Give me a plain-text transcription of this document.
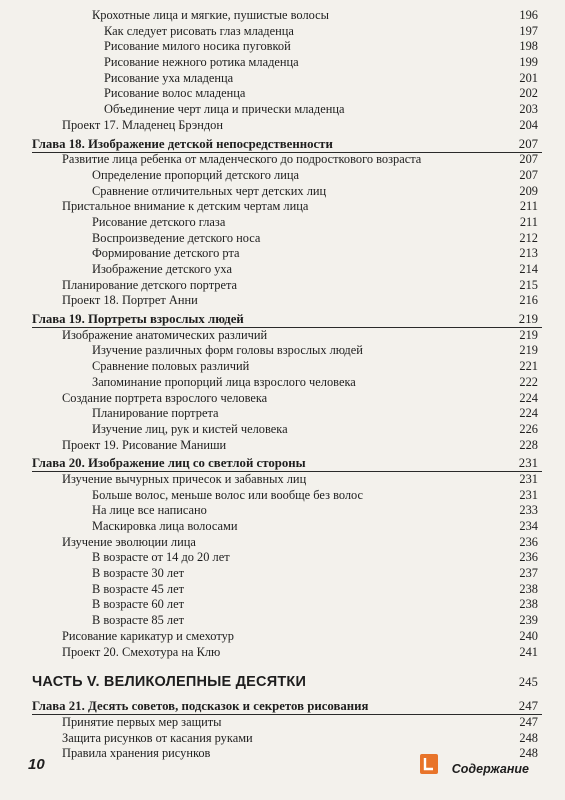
Крохотные лица и мягкие, пушистые волосы	196
Как следует рисовать глаз младенца	197
Рисование милого носика пуговкой	198
Рисование нежного ротика младенца	199
Рисование уха младенца	201
Рисование волос младенца	202
Объединение черт лица и прически младенца	203
Проект 17. Младенец Брэндон	204
Глава 18. Изображение детской непосредственности	207
Развитие лица ребенка от младенческого до подросткового возраста	207
Определение пропорций детского лица	207
Сравнение отличительных черт детских лиц	209
Пристальное внимание к детским чертам лица	211
Рисование детского глаза	211
Воспроизведение детского носа	212
Формирование детского рта	213
Изображение детского уха	214
Планирование детского портрета	215
Проект 18. Портрет Анни	216
Глава 19. Портреты взрослых людей	219
Изображение анатомических различий	219
Изучение различных форм головы взрослых людей	219
Сравнение половых различий	221
Запоминание пропорций лица взрослого человека	222
Создание портрета взрослого человека	224
Планирование портрета	224
Изучение лиц, рук и кистей человека	226
Проект 19. Рисование Маниши	228
Глава 20. Изображение лиц со светлой стороны	231
Изучение вычурных причесок и забавных лиц	231
Больше волос, меньше волос или вообще без волос	231
На лице все написано	233
Маскировка лица волосами	234
Изучение эволюции лица	236
В возрасте от 14 до 20 лет	236
В возрасте 30 лет	237
В возрасте 45 лет	238
В возрасте 60 лет	238
В возрасте 85 лет	239
Рисование карикатур и смехотур	240
Проект 20. Смехотура на Клю	241
ЧАСТЬ V. ВЕЛИКОЛЕПНЫЕ ДЕСЯТКИ	245
Глава 21. Десять советов, подсказок и секретов рисования	247
Принятие первых мер защиты	247
Защита рисунков от касания руками	248
Правила хранения рисунков	248
10	Содержание
